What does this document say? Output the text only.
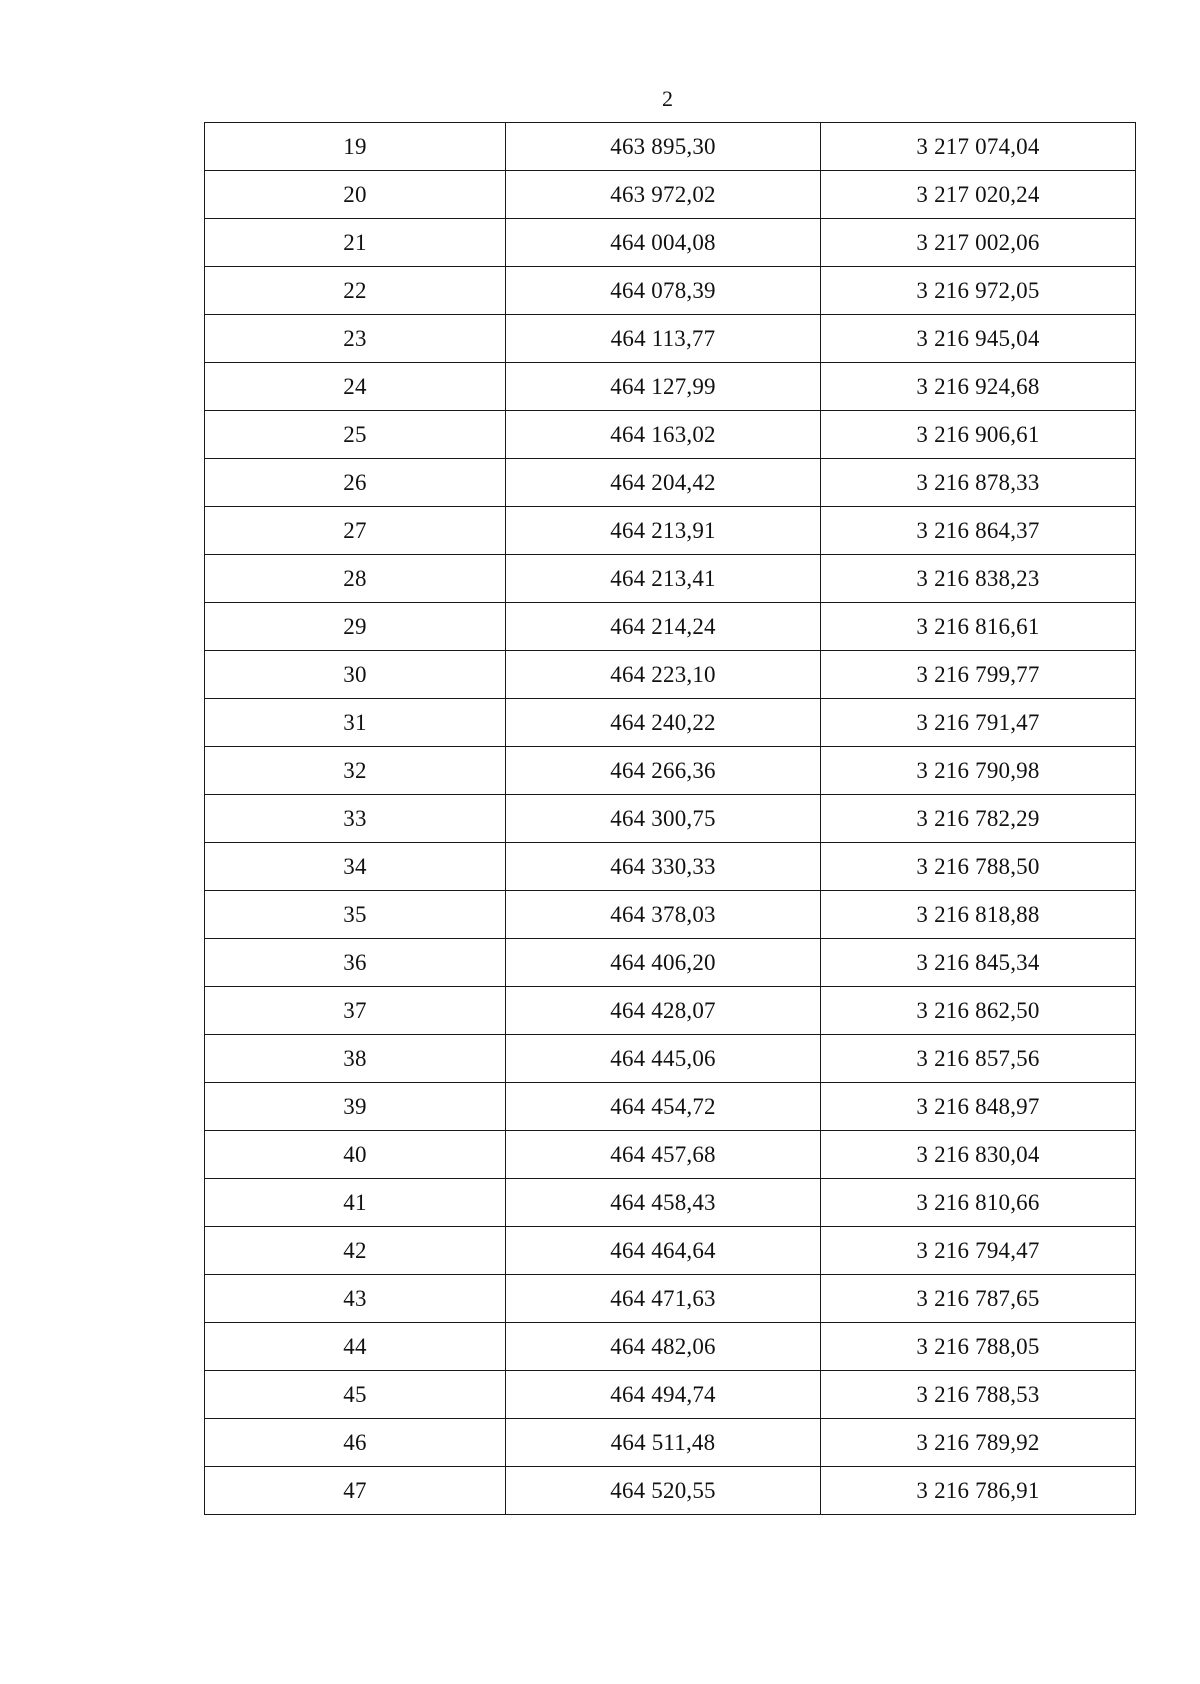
2
19	463 895,30	3 217 074,04
20	463 972,02	3 217 020,24
21	464 004,08	3 217 002,06
22	464 078,39	3 216 972,05
23	464 113,77	3 216 945,04
24	464 127,99	3 216 924,68
25	464 163,02	3 216 906,61
26	464 204,42	3 216 878,33
27	464 213,91	3 216 864,37
28	464 213,41	3 216 838,23
29	464 214,24	3 216 816,61
30	464 223,10	3 216 799,77
31	464 240,22	3 216 791,47
32	464 266,36	3 216 790,98
33	464 300,75	3 216 782,29
34	464 330,33	3 216 788,50
35	464 378,03	3 216 818,88
36	464 406,20	3 216 845,34
37	464 428,07	3 216 862,50
38	464 445,06	3 216 857,56
39	464 454,72	3 216 848,97
40	464 457,68	3 216 830,04
41	464 458,43	3 216 810,66
42	464 464,64	3 216 794,47
43	464 471,63	3 216 787,65
44	464 482,06	3 216 788,05
45	464 494,74	3 216 788,53
46	464 511,48	3 216 789,92
47	464 520,55	3 216 786,91
